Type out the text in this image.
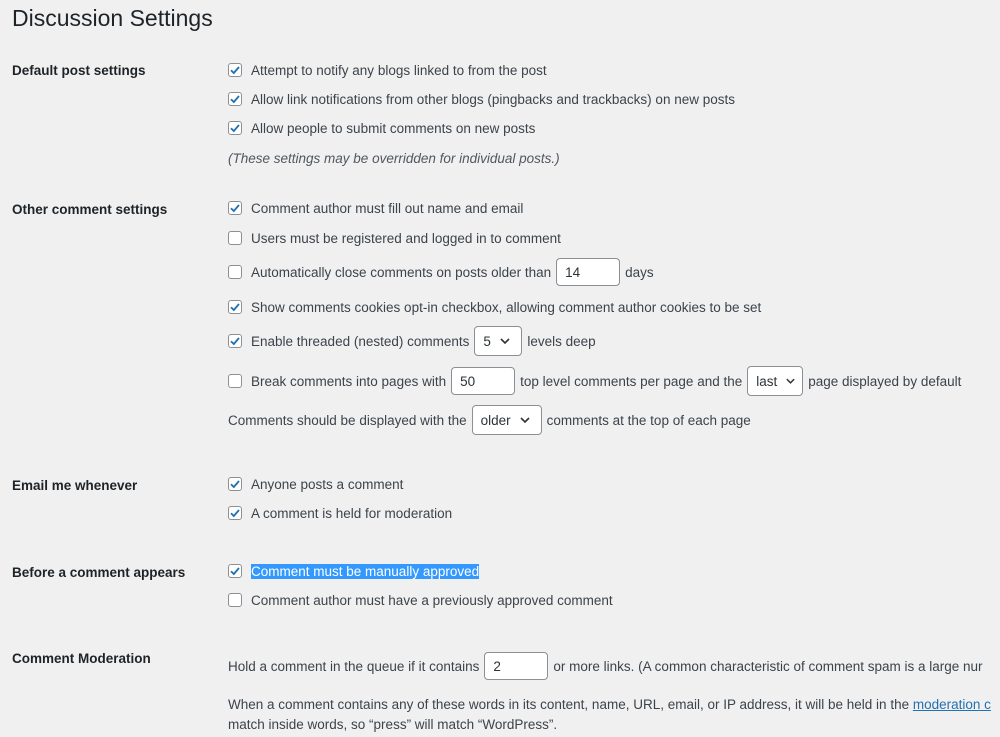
Discussion Settings
Default post settings	Attempt to notify any blogs linked to from the post
Allow link notifications from other blogs (pingbacks and trackbacks) on new posts
Allow people to submit comments on new posts
(These settings may be overridden for individual posts.)
Other comment settings	Comment author must fill out name and email
Users must be registered and logged in to comment
Automatically close comments on posts older than	14	days
Show comments cookies opt-in checkbox, allowing comment author cookies to be set
Enable threaded (nested) comments 5	levels deep
Break comments into pages with	50	top level comments per page and the last page displayed by default
Comments should be displayed with the older	comments at the top of each page
Email me whenever	Anyone posts a comment
A comment is held for moderation
Before a comment appears	Comment must be manually approved
Comment author must have a previously approved comment
Comment Moderation	Hold a comment in the queue if it contains	2	or more links. (A common characteristic of comment spam is a large nur
When a comment contains any of these words in its content, name, URL, email, or IP address, it will be held in the moderation c
match inside words, so “press” will match “WordPress”.
